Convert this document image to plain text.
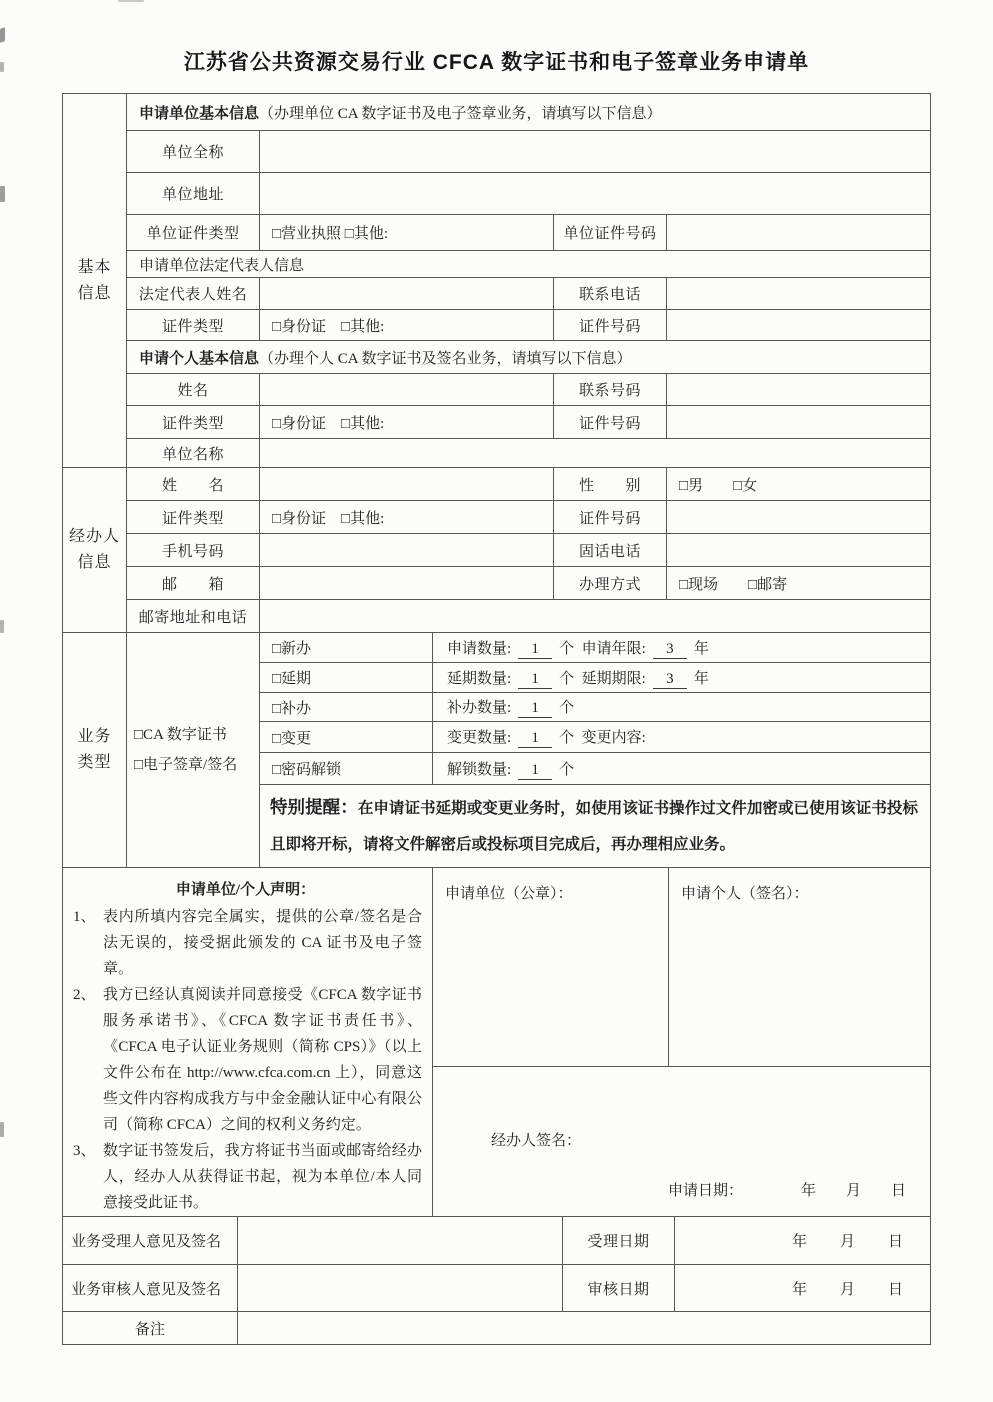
江苏省公共资源交易行业 CFCA 数字证书和电子签章业务申请单
基本
信息	申请单位基本信息（办理单位 CA 数字证书及电子签章业务，请填写以下信息）			
	单位全称			
	单位地址			
	单位证件类型	□营业执照 □其他:	单位证件号码	
	申请单位法定代表人信息			
	法定代表人姓名		联系电话	
	证件类型	□身份证　□其他:	证件号码	
	申请个人基本信息（办理个人 CA 数字证书及签名业务，请填写以下信息）			
	姓名		联系号码	
	证件类型	□身份证　□其他:	证件号码	
	单位名称			
经办人
信息	姓　　名		性　　别	□男　　□女
	证件类型	□身份证　□其他:	证件号码	
	手机号码		固话电话	
	邮　　箱		办理方式	□现场　　□邮寄
	邮寄地址和电话			
业务
类型

□CA 数字证书
□电子签章/签名
	□新办	申请数量: 1 个  申请年限: 3 年
		□延期	延期数量: 1 个  延期期限: 3 年
		□补办	补办数量: 1 个
		□变更	变更数量: 1 个  变更内容:
		□密码解锁	解锁数量: 1 个
		特别提醒：在申请证书延期或变更业务时，如使用该证书操作过文件加密或已使用该证书投标且即将开标，请将文件解密后或投标项目完成后，再办理相应业务。	
申请单位/个人声明：
1、 表内所填内容完全属实，提供的公章/签名是合法无误的，接受据此颁发的 CA 证书及电子签章。
2、 我方已经认真阅读并同意接受《CFCA 数字证书服务承诺书》、《CFCA 数字证书责任书》、《CFCA 电子认证业务规则（简称 CPS）》（以上文件公布在 http://www.cfca.com.cn 上），同意这些文件内容构成我方与中金金融认证中心有限公司（简称 CFCA）之间的权利义务约定。
3、 数字证书签发后，我方将证书当面或邮寄给经办人，经办人从获得证书起，视为本单位/本人同意接受此证书。
	申请单位（公章）：	申请个人（签名）：

经办人签名：
申请日期：	年　　月　　日
业务受理人意见及签名		受理日期	年　　月　　日
业务审核人意见及签名		审核日期	年　　月　　日
备注			
